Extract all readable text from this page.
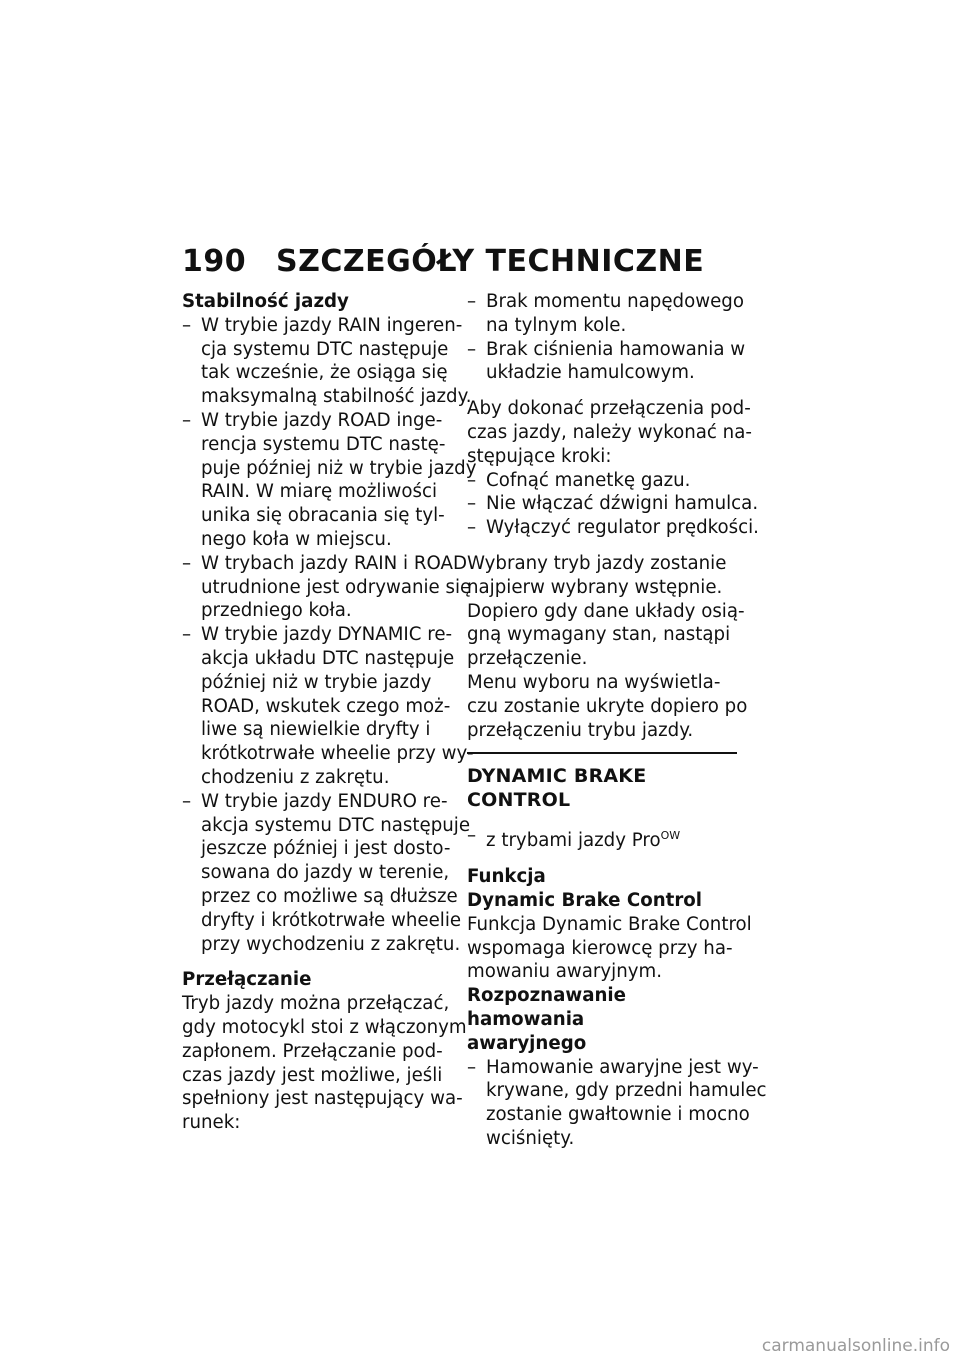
190 SZCZEGÓŁY TECHNICZNE

Stabilność jazdy

– W trybie jazdy RAIN ingeren-
cja systemu DTC następuje
tak wcześnie, że osiąga się
maksymalną stabilność jazdy.
– W trybie jazdy ROAD inge-
rencja systemu DTC nastę-
puje później niż w trybie jazdy
RAIN. W miarę możliwości
unika się obracania się tyl-
nego koła w miejscu.
– W trybach jazdy RAIN i ROAD
utrudnione jest odrywanie się
przedniego koła.
– W trybie jazdy DYNAMIC re-
akcja układu DTC następuje
później niż w trybie jazdy
ROAD, wskutek czego moż-
liwe są niewielkie dryfty i
krótkotrwałe wheelie przy wy-
chodzeniu z zakrętu.
– W trybie jazdy ENDURO re-
akcja systemu DTC następuje
jeszcze później i jest dosto-
sowana do jazdy w terenie,
przez co możliwe są dłuższe
dryfty i krótkotrwałe wheelie
przy wychodzeniu z zakrętu.

Przełączanie

Tryb jazdy można przełączać,
gdy motocykl stoi z włączonym
zapłonem. Przełączanie pod-
czas jazdy jest możliwe, jeśli
spełniony jest następujący wa-
runek:
– Brak momentu napędowego
na tylnym kole.
– Brak ciśnienia hamowania w
układzie hamulcowym.
Aby dokonać przełączenia pod-
czas jazdy, należy wykonać na-
stępujące kroki:
– Cofnąć manetkę gazu.
– Nie włączać dźwigni hamulca.
– Wyłączyć regulator prędkości.
Wybrany tryb jazdy zostanie
najpierw wybrany wstępnie.
Dopiero gdy dane układy osią-
gną wymagany stan, nastąpi
przełączenie.
Menu wyboru na wyświetla-
czu zostanie ukryte dopiero po
przełączeniu trybu jazdy.

DYNAMIC BRAKE CONTROL

– z trybami jazdy Pro$^{OW}$

Funkcja

Dynamic Brake Control

Funkcja Dynamic Brake Control
wspomaga kierowcę przy ha-
mowaniu awaryjnym.

Rozpoznawanie hamowania

awaryjnego

– Hamowanie awaryjne jest wy-
krywane, gdy przedni hamulec
zostanie gwałtownie i mocno
wciśnięty.
carmanualsonline.info
